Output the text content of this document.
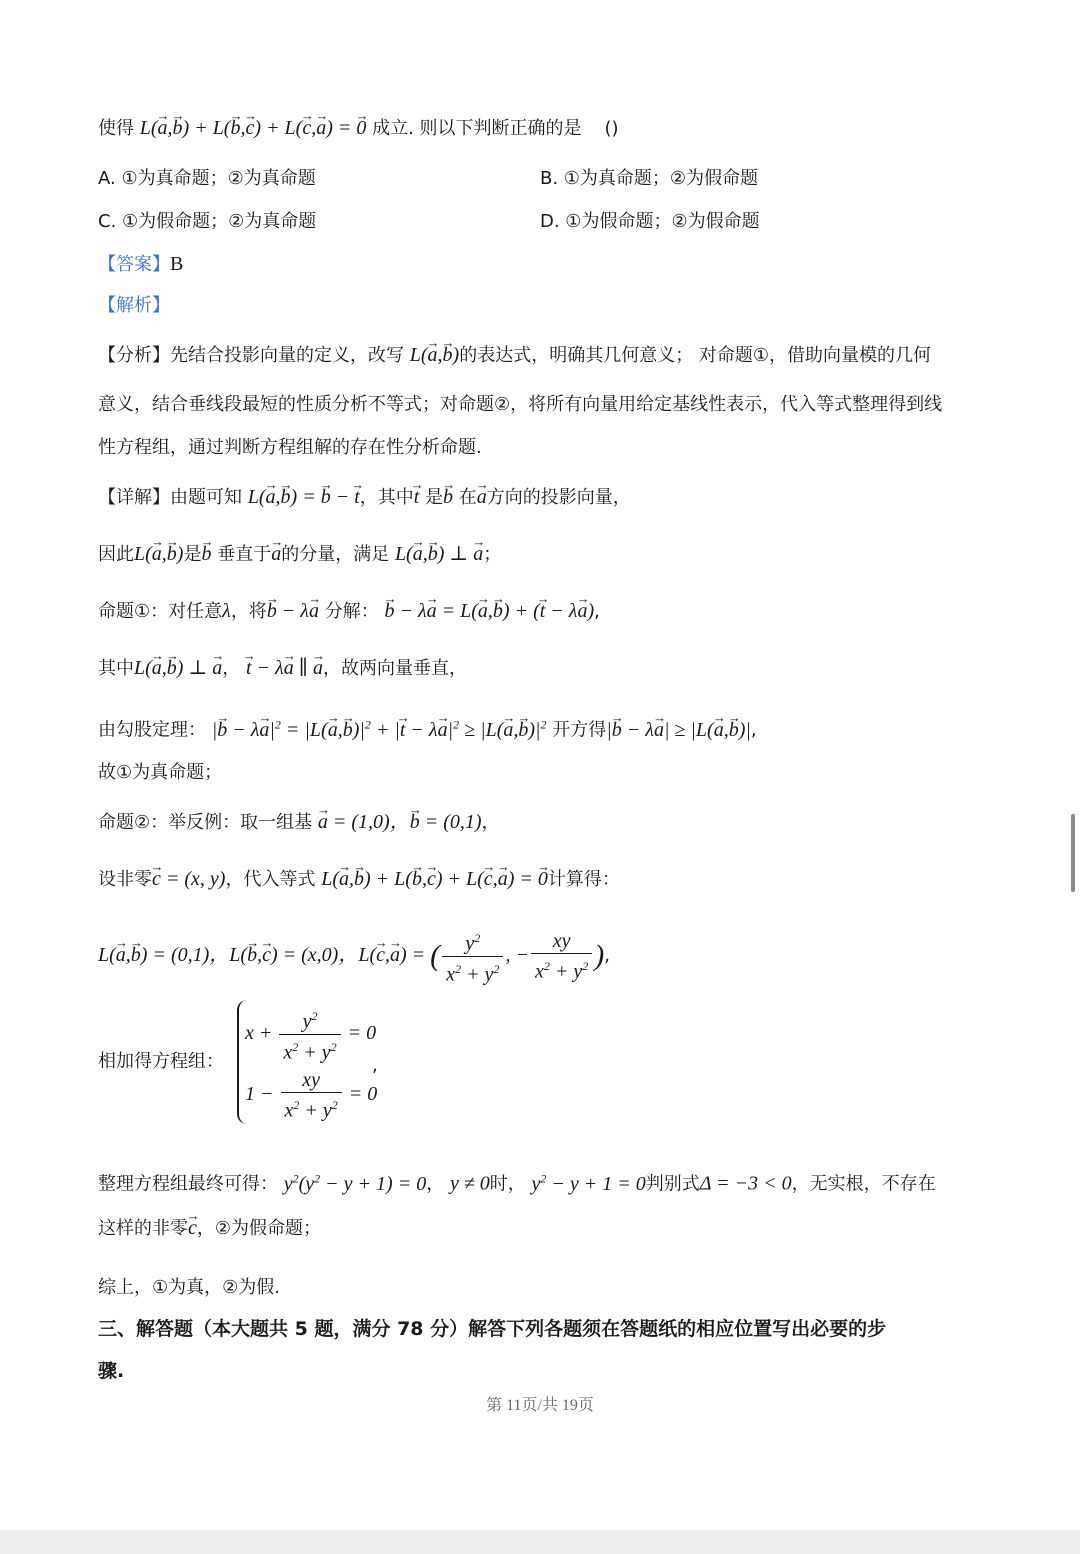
使得 L(→ a,→ b) + L(→ b,→ c) + L(→ c,→ a) = → 0 成立. 则以下判断正确的是 ()
A. ①为真命题；②为真命题	B. ①为真命题；②为假命题
C. ①为假命题；②为真命题	D. ①为假命题；②为假命题
【答案】B
【解析】
【分析】先结合投影向量的定义，改写 L(→ a,→ b)的表达式，明确其几何意义； 对命题①，借助向量模的几何
意义，结合垂线段最短的性质分析不等式；对命题②，将所有向量用给定基线性表示，代入等式整理得到线
性方程组，通过判断方程组解的存在性分析命题.
【详解】由题可知 L(→ a,→ b) = → b − → t，其中→ t 是→ b 在→ a方向的投影向量，
因此L(→ a,→ b)是→ b 垂直于→ a的分量，满足 L(→ a,→ b) ⊥ → a；
命题①：对任意λ，将→ b − λ→ a 分解： → b − λ→ a = L(→ a,→ b) + (→ t − λ→ a),
其中L(→ a,→ b) ⊥ → a， → t − λ→ a ∥ → a，故两向量垂直，
由勾股定理： |→ $b - \lambda\to a|^2 = |L(\to a,\to b)|^2$ + |→ $t - \lambda\to a|^2 \ge |L(\to a,\to b)|^2$ 开方得|→ b − λ→ a| ≥ |L(→ a,→ b)|,
故①为真命题；
命题②：举反例：取一组基 → a = (1,0)，→ b = (0,1)，
设非零→ c = (x, y)，代入等式 L(→ a,→ b) + L(→ b,→ c) + L(→ c,→ a) = → 0计算得：
L(→ a,→ b) = (0,1)，L(→ b,→ c) = (x,0)，L(→ c,→ a) = ( $\frac{y^2}{x^2 + y^2}$ , − $\frac{xy}{x^2 + y^2}$ ),
相加得方程组：
$x + \frac{y^2}{x^2 + y^2} = 0$
$1 - \frac{xy}{x^2 + y^2} = 0$
,
整理方程组最终可得： $y^2(y^2 - y + 1) = 0$， y ≠ 0时， $y^2 - y + 1 = 0$判别式Δ = −3 < 0，无实根，不存在
这样的非零→ c，②为假命题；
综上，①为真，②为假.
三、解答题（本大题共 5 题，满分 78 分）解答下列各题须在答题纸的相应位置写出必要的步
骤.
第 11页/共 19页
